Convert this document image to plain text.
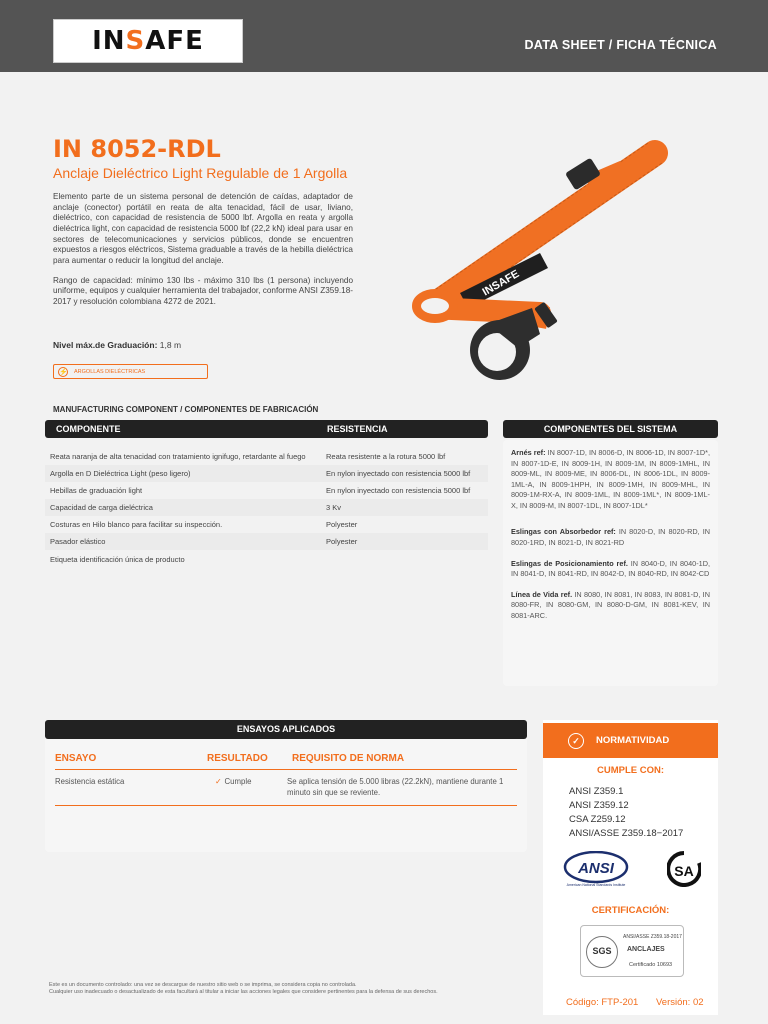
IN S AFE	DATA SHEET / FICHA TÉCNICA
IN 8052-RDL
Anclaje Dieléctrico Light Regulable de 1 Argolla

Elemento parte de un sistema personal de detención de caídas, adaptador de anclaje (conector) portátil en reata de alta tenacidad, fácil de usar, liviano, dieléctrico, con capacidad de resistencia de 5000 lbf. Argolla en reata y argolla dieléctrica light, con capacidad de resistencia 5000 lbf (22,2 kN) ideal para usar en sectores de telecomunicaciones y servicios públicos, donde se encuentren expuestos a riesgos eléctricos, Sistema graduable a través de la hebilla dieléctrica para aumentar o reducir la longitud del anclaje.

Rango de capacidad: mínimo 130 lbs - máximo 310 lbs (1 persona) incluyendo uniforme, equipos y cualquier herramienta del trabajador, conforme ANSI Z359.18-2017 y resolución colombiana 4272 de 2021.

Nivel máx.de Graduación: 1,8 m
⚡ ARGOLLAS DIELÉCTRICAS
INSAFE
MANUFACTURING COMPONENT / COMPONENTES DE FABRICACIÓN
COMPONENTE	RESISTENCIA
Reata naranja de alta tenacidad con tratamiento ignifugo, retardante al fuego	Reata resistente a la rotura 5000 lbf
Argolla en D Dieléctrica Light (peso ligero)	En nylon inyectado con resistencia 5000 lbf
Hebillas de graduación light	En nylon inyectado con resistencia 5000 lbf
Capacidad de carga dieléctrica	3 Kv
Costuras en Hilo blanco para facilitar su inspección.	Polyester
Pasador elástico	Polyester
Etiqueta identificación única de producto
COMPONENTES DEL SISTEMA

Arnés ref: IN 8007-1D, IN 8006-D, IN 8006-1D, IN 8007-1D*, IN 8007-1D-E, IN 8009-1H, IN 8009-1M, IN 8009-1MHL, IN 8009-ML, IN 8009-ME, IN 8006-DL, IN 8006-1DL, IN 8009-1ML-A, IN 8009-1HPH, IN 8009-1MH, IN 8009-MHL, IN 8009-1M-RX-A, IN 8009-1ML, IN 8009-1ML*, IN 8009-1ML-X, IN 8009-M, IN 8007-1DL, IN 8007-1DL*

Eslingas con Absorbedor ref: IN 8020-D, IN 8020-RD, IN 8020-1RD, IN 8021-D, IN 8021-RD

Eslingas de Posicionamiento ref. IN 8040-D, IN 8040-1D, IN 8041-D, IN 8041-RD, IN 8042-D, IN 8040-RD, IN 8042-CD

Línea de Vida ref. IN 8080, IN 8081, IN 8083, IN 8081-D, IN 8080-FR, IN 8080-GM, IN 8080-D-GM, IN 8081-KEV, IN 8081-ARC.

ENSAYOS APLICADOS
ENSAYO	RESULTADO REQUISITO DE NORMA
Resistencia estática	✓ Cumple	Se aplica tensión de 5.000 libras (22.2kN), mantiene durante 1 minuto sin que se reviente.
✓	NORMATIVIDAD
CUMPLE CON:
ANSI Z359.1
ANSI Z359.12
CSA Z259.12
ANSI/ASSE Z359.18−2017
ANSI
American National Standards Institute
SA
CERTIFICACIÓN:
SGS
ANSI/ASSE Z359.18-2017
ANCLAJES
Certificado 10693
Este es un documento controlado: una vez se descargue de nuestro sitio web o se imprima, se considera copia no controlada.
Cualquier uso inadecuado o desactualizado de esta facultará al titular a iniciar las acciones legales que considere pertinentes para la defensa de sus derechos.
Código: FTP-201 Versión: 02
